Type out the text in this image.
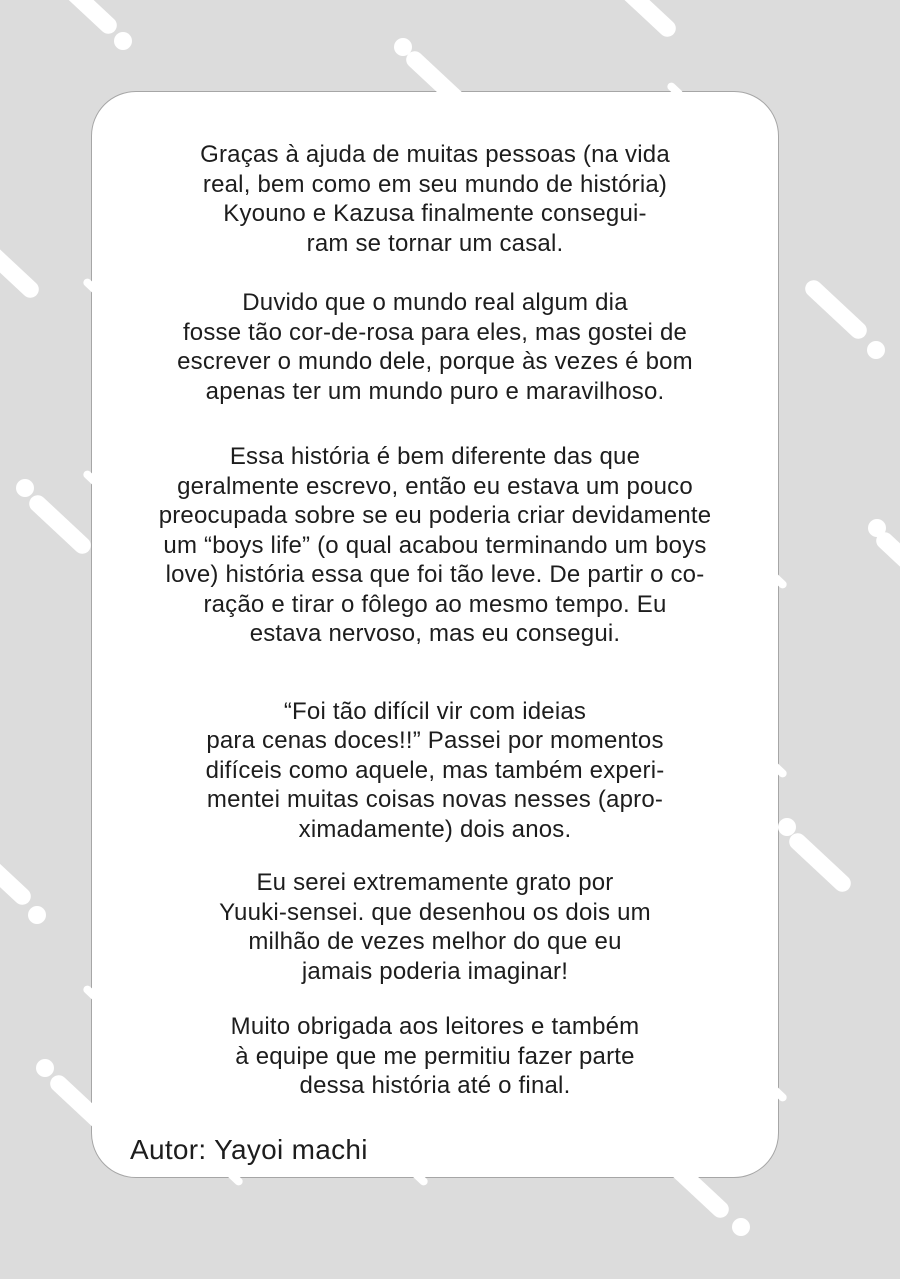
Graças à ajuda de muitas pessoas (na vida
real, bem como em seu mundo de história)
Kyouno e Kazusa finalmente consegui-
ram se tornar um casal.
Duvido que o mundo real algum dia
fosse tão cor-de-rosa para eles, mas gostei de
escrever o mundo dele, porque às vezes é bom
apenas ter um mundo puro e maravilhoso.
Essa história é bem diferente das que
geralmente escrevo, então eu estava um pouco
preocupada sobre se eu poderia criar devidamente
um “boys life” (o qual acabou terminando um boys
love) história essa que foi tão leve. De partir o co-
ração e tirar o fôlego ao mesmo tempo. Eu
estava nervoso, mas eu consegui.
“Foi tão difícil vir com ideias
para cenas doces!!” Passei por momentos
difíceis como aquele, mas também experi-
mentei muitas coisas novas nesses (apro-
ximadamente) dois anos.
Eu serei extremamente grato por
Yuuki-sensei. que desenhou os dois um
milhão de vezes melhor do que eu
jamais poderia imaginar!
Muito obrigada aos leitores e também
à equipe que me permitiu fazer parte
dessa história até o final.
Autor: Yayoi machi
